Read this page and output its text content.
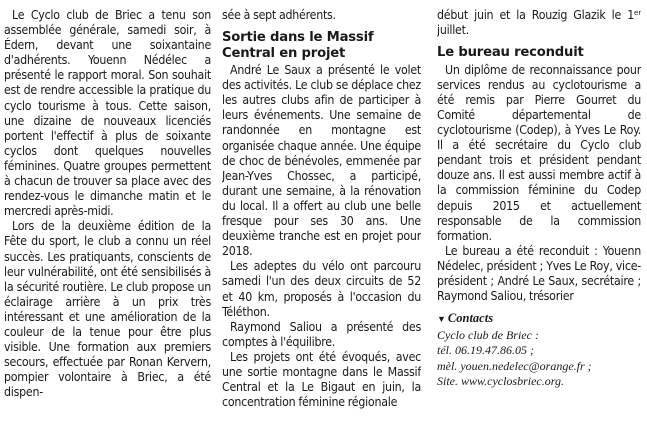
Le Cyclo club de Briec a tenu son assemblée générale, samedi soir, à Édern, devant une soixantaine d'adhérents. Youenn Nédélec a présenté le rapport moral. Son souhait est de rendre accessible la pratique du cyclo tourisme à tous. Cette saison, une dizaine de nouveaux licenciés portent l'effectif à plus de soixante cyclos dont quelques nouvelles féminines. Quatre groupes permettent à chacun de trouver sa place avec des rendez-vous le dimanche matin et le mercredi après-midi.

Lors de la deuxième édition de la Fête du sport, le club a connu un réel succès. Les pratiquants, conscients de leur vulnérabilité, ont été sensibilisés à la sécurité routière. Le club propose un éclairage arrière à un prix très intéressant et une amélioration de la couleur de la tenue pour être plus visible. Une formation aux premiers secours, effectuée par Ronan Kervern, pompier volontaire à Briec, a été dispen-

sée à sept adhérents.

Sortie dans le Massif Central en projet

André Le Saux a présenté le volet des activités. Le club se déplace chez les autres clubs afin de participer à leurs événements. Une semaine de randonnée en montagne est organisée chaque année. Une équipe de choc de bénévoles, emmenée par Jean-Yves Chossec, a participé, durant une semaine, à la rénovation du local. Il a offert au club une belle fresque pour ses 30 ans. Une deuxième tranche est en projet pour 2018.

Les adeptes du vélo ont parcouru samedi l'un des deux circuits de 52 et 40 km, proposés à l'occasion du Téléthon.

Raymond Saliou a présenté des comptes à l'équilibre.

Les projets ont été évoqués, avec une sortie montagne dans le Massif Central et la Le Bigaut en juin, la concentration féminine régionale

début juin et la Rouzig Glazik le 1ᵉʳ juillet.

Le bureau reconduit

Un diplôme de reconnaissance pour services rendus au cyclotourisme a été remis par Pierre Gourret du Comité départemental de cyclotourisme (Codep), à Yves Le Roy. Il a été secrétaire du Cyclo club pendant trois et président pendant douze ans. Il est aussi membre actif à la commission féminine du Codep depuis 2015 et actuellement responsable de la commission formation.

Le bureau a été reconduit : Youenn Nédelec, président ; Yves Le Roy, vice-président ; André Le Saux, secrétaire ; Raymond Saliou, trésorier

▼ Contacts
Cyclo club de Briec :
tél. 06.19.47.86.05 ;
mèl. youen.nedelec@orange.fr ;
Site. www.cyclosbriec.org.
